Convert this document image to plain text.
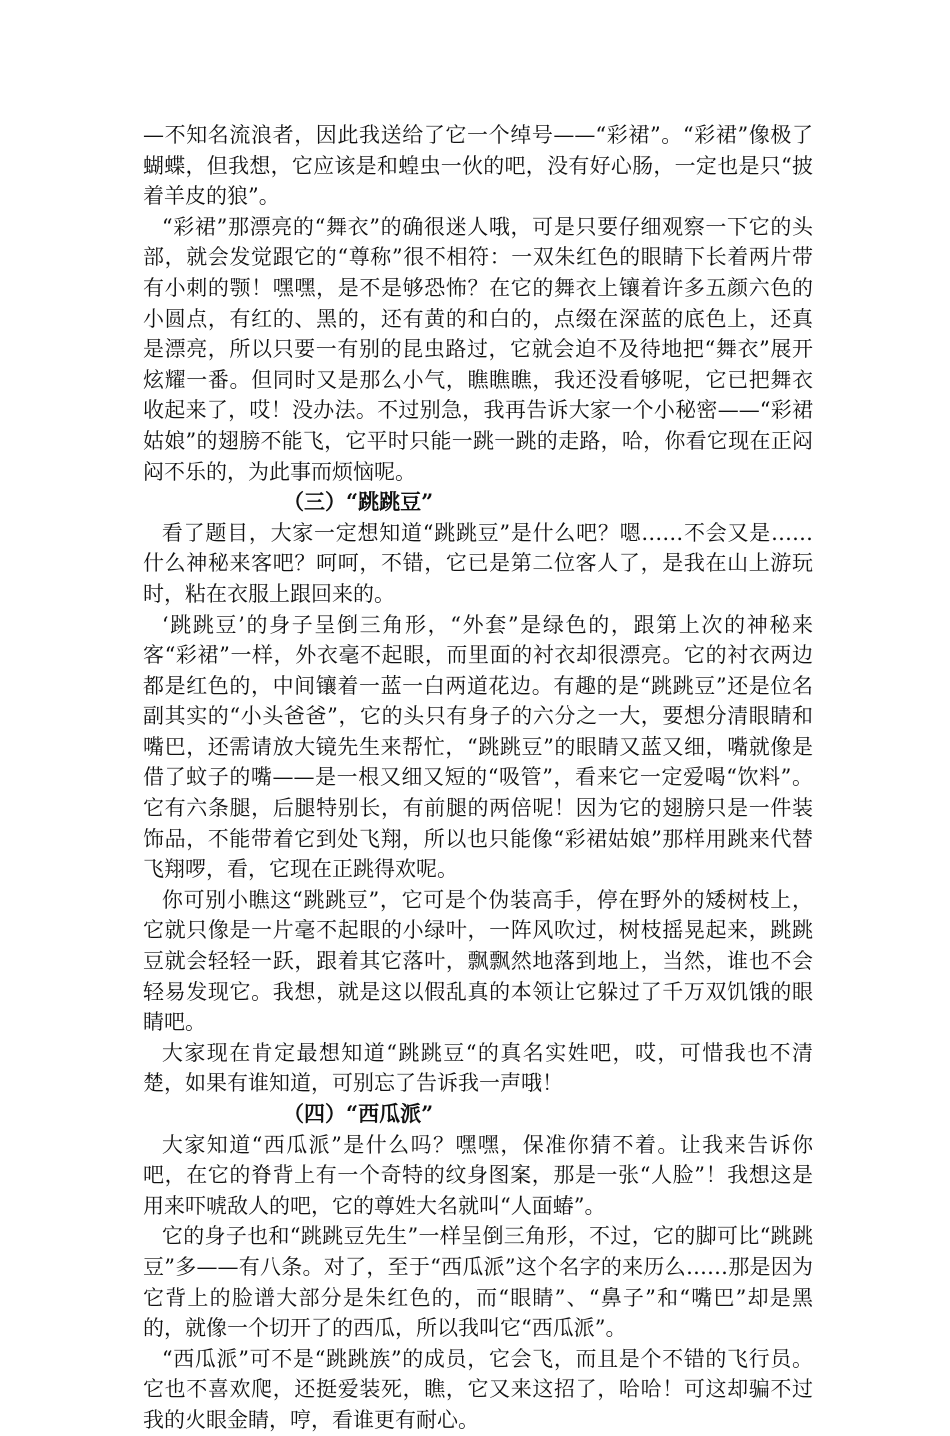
—不知名流浪者，因此我送给了它一个绰号——“彩裙”。“彩裙”像极了蝴蝶，但我想，它应该是和蝗虫一伙的吧，没有好心肠，一定也是只“披着羊皮的狼”。

“彩裙”那漂亮的“舞衣”的确很迷人哦，可是只要仔细观察一下它的头部，就会发觉跟它的“尊称”很不相符：一双朱红色的眼睛下长着两片带有小刺的颚！嘿嘿，是不是够恐怖？在它的舞衣上镶着许多五颜六色的小圆点，有红的、黑的，还有黄的和白的，点缀在深蓝的底色上，还真是漂亮，所以只要一有别的昆虫路过，它就会迫不及待地把“舞衣”展开炫耀一番。但同时又是那么小气，瞧瞧瞧，我还没看够呢，它已把舞衣收起来了，哎！没办法。不过别急，我再告诉大家一个小秘密——“彩裙姑娘”的翅膀不能飞，它平时只能一跳一跳的走路，哈，你看它现在正闷闷不乐的，为此事而烦恼呢。

（三）“跳跳豆”

看了题目，大家一定想知道“跳跳豆”是什么吧？嗯……不会又是……什么神秘来客吧？呵呵，不错，它已是第二位客人了，是我在山上游玩时，粘在衣服上跟回来的。

‘跳跳豆’的身子呈倒三角形，“外套”是绿色的，跟第上次的神秘来客“彩裙”一样，外衣毫不起眼，而里面的衬衣却很漂亮。它的衬衣两边都是红色的，中间镶着一蓝一白两道花边。有趣的是“跳跳豆”还是位名副其实的“小头爸爸”，它的头只有身子的六分之一大，要想分清眼睛和嘴巴，还需请放大镜先生来帮忙，“跳跳豆”的眼睛又蓝又细，嘴就像是借了蚊子的嘴——是一根又细又短的“吸管”，看来它一定爱喝“饮料”。它有六条腿，后腿特别长，有前腿的两倍呢！因为它的翅膀只是一件装饰品，不能带着它到处飞翔，所以也只能像“彩裙姑娘”那样用跳来代替飞翔啰，看，它现在正跳得欢呢。

你可别小瞧这“跳跳豆”，它可是个伪装高手，停在野外的矮树枝上，它就只像是一片毫不起眼的小绿叶，一阵风吹过，树枝摇晃起来，跳跳豆就会轻轻一跃，跟着其它落叶，飘飘然地落到地上，当然，谁也不会轻易发现它。我想，就是这以假乱真的本领让它躲过了千万双饥饿的眼睛吧。

大家现在肯定最想知道“跳跳豆“的真名实姓吧，哎，可惜我也不清楚，如果有谁知道，可别忘了告诉我一声哦！

（四）“西瓜派”

大家知道“西瓜派”是什么吗？嘿嘿，保准你猜不着。让我来告诉你吧，在它的脊背上有一个奇特的纹身图案，那是一张“人脸”！我想这是用来吓唬敌人的吧，它的尊姓大名就叫“人面蝽”。

它的身子也和“跳跳豆先生”一样呈倒三角形，不过，它的脚可比“跳跳豆”多——有八条。对了，至于“西瓜派”这个名字的来历么……那是因为它背上的脸谱大部分是朱红色的，而“眼睛”、“鼻子”和“嘴巴”却是黑的，就像一个切开了的西瓜，所以我叫它“西瓜派”。

“西瓜派”可不是“跳跳族”的成员，它会飞，而且是个不错的飞行员。它也不喜欢爬，还挺爱装死，瞧，它又来这招了，哈哈！可这却骗不过我的火眼金睛，哼，看谁更有耐心。
